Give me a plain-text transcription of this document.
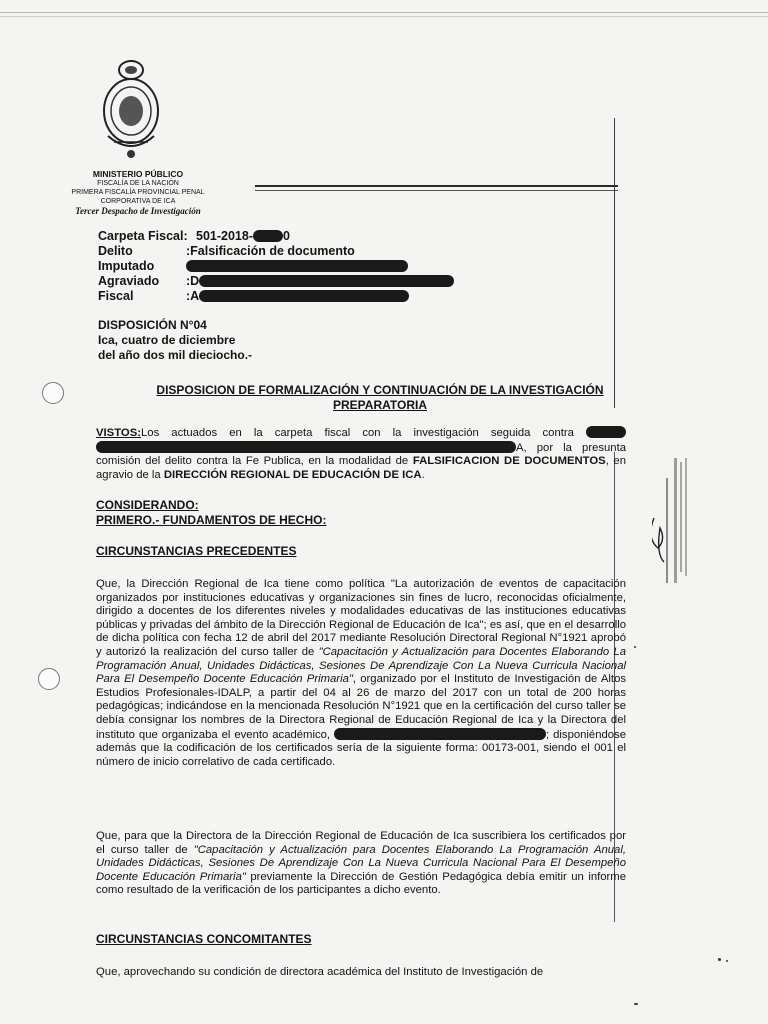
MINISTERIO PÚBLICO
FISCALÍA DE LA NACIÓN
PRIMERA FISCALÍA PROVINCIAL PENAL
CORPORATIVA DE ICA
Tercer Despacho de Investigación
Carpeta Fiscal: 501-2018- 0
Delito	:Falsificación de documento
Imputado
Agraviado :D
Fiscal	:A
DISPOSICIÓN N°04
Ica, cuatro de diciembre
del año dos mil dieciocho.-
DISPOSICION DE FORMALIZACIÓN Y CONTINUACIÓN DE LA INVESTIGACIÓN
PREPARATORIA
VISTOS:Los actuados en la carpeta fiscal con la investigación seguida contra  A, por la presunta comisión del delito contra la Fe Publica, en la modalidad de FALSIFICACION DE DOCUMENTOS, en agravio de la DIRECCIÓN REGIONAL DE EDUCACIÓN DE ICA.
CONSIDERANDO:
PRIMERO.- FUNDAMENTOS DE HECHO:
CIRCUNSTANCIAS PRECEDENTES
Que, la Dirección Regional de Ica tiene como política "La autorización de eventos de capacitación organizados por instituciones educativas y organizaciones sin fines de lucro, reconocidas oficialmente, dirigido a docentes de los diferentes niveles y modalidades educativas de las instituciones educativas públicas y privadas del ámbito de la Dirección Regional de Educación de Ica"; es así, que en el desarrollo de dicha política con fecha 12 de abril del 2017 mediante Resolución Directoral Regional N°1921 aprobó y autorizó la realización del curso taller de "Capacitación y Actualización para Docentes Elaborando La Programación Anual, Unidades Didácticas, Sesiones De Aprendizaje Con La Nueva Curricula Nacional Para El Desempeño Docente Educación Primaria", organizado por el Instituto de Investigación de Altos Estudios Profesionales-IDALP, a partir del 04 al 26 de marzo del 2017 con un total de 200 horas pedagógicas; indicándose en la mencionada Resolución N°1921 que en la certificación del curso taller se debía consignar los nombres de la Directora Regional de Educación Regional de Ica y la Directora del instituto que organizaba el evento académico,	; disponiéndose además que la codificación de los certificados sería de la siguiente forma: 00173-001, siendo el 001 el número de inicio correlativo de cada certificado.
Que, para que la Directora de la Dirección Regional de Educación de Ica suscribiera los certificados por el curso taller de "Capacitación y Actualización para Docentes Elaborando La Programación Anual, Unidades Didácticas, Sesiones De Aprendizaje Con La Nueva Curricula Nacional Para El Desempeño Docente Educación Primaria" previamente la Dirección de Gestión Pedagógica debía emitir un informe como resultado de la verificación de los participantes a dicho evento.
CIRCUNSTANCIAS CONCOMITANTES
Que, aprovechando su condición de directora académica del Instituto de Investigación de
